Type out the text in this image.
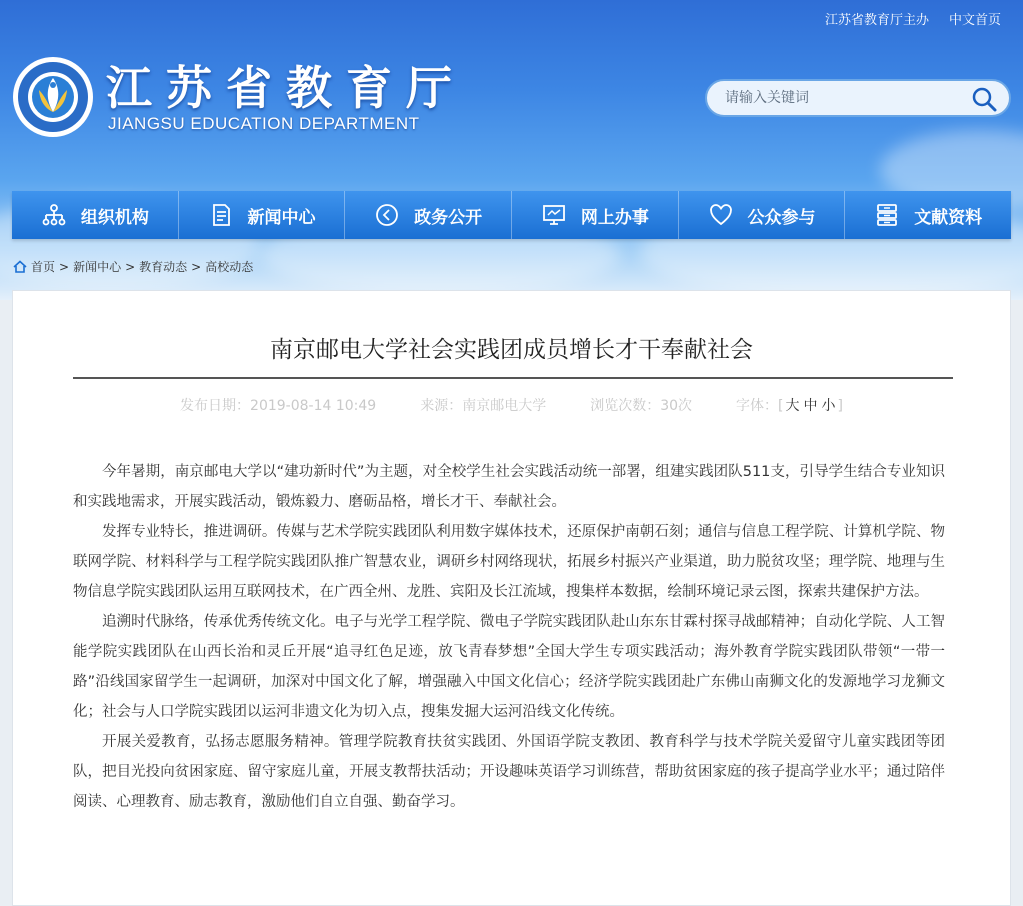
江苏省教育厅主办 中文首页
江苏省教育厅
JIANGSU EDUCATION DEPARTMENT
请输入关键词
组织机构	新闻中心	政务公开	网上办事	公众参与	文献资料
首页 > 新闻中心 > 教育动态 > 高校动态
南京邮电大学社会实践团成员增长才干奉献社会
发布日期：2019-08-14 10:49	来源：南京邮电大学	浏览次数：30次	字体：[ 大 中 小 ]

今年暑期，南京邮电大学以“建功新时代”为主题，对全校学生社会实践活动统一部署，组建实践团队511支，引导学生结合专业知识和实践地需求，开展实践活动，锻炼毅力、磨砺品格，增长才干、奉献社会。

发挥专业特长，推进调研。传媒与艺术学院实践团队利用数字媒体技术，还原保护南朝石刻；通信与信息工程学院、计算机学院、物联网学院、材料科学与工程学院实践团队推广智慧农业，调研乡村网络现状，拓展乡村振兴产业渠道，助力脱贫攻坚；理学院、地理与生物信息学院实践团队运用互联网技术，在广西全州、龙胜、宾阳及长江流域，搜集样本数据，绘制环境记录云图，探索共建保护方法。

追溯时代脉络，传承优秀传统文化。电子与光学工程学院、微电子学院实践团队赴山东东甘霖村探寻战邮精神；自动化学院、人工智能学院实践团队在山西长治和灵丘开展“追寻红色足迹，放飞青春梦想”全国大学生专项实践活动；海外教育学院实践团队带领“一带一路”沿线国家留学生一起调研，加深对中国文化了解，增强融入中国文化信心；经济学院实践团赴广东佛山南狮文化的发源地学习龙狮文化；社会与人口学院实践团以运河非遗文化为切入点，搜集发掘大运河沿线文化传统。

开展关爱教育，弘扬志愿服务精神。管理学院教育扶贫实践团、外国语学院支教团、教育科学与技术学院关爱留守儿童实践团等团队，把目光投向贫困家庭、留守家庭儿童，开展支教帮扶活动；开设趣味英语学习训练营，帮助贫困家庭的孩子提高学业水平；通过陪伴阅读、心理教育、励志教育，激励他们自立自强、勤奋学习。
